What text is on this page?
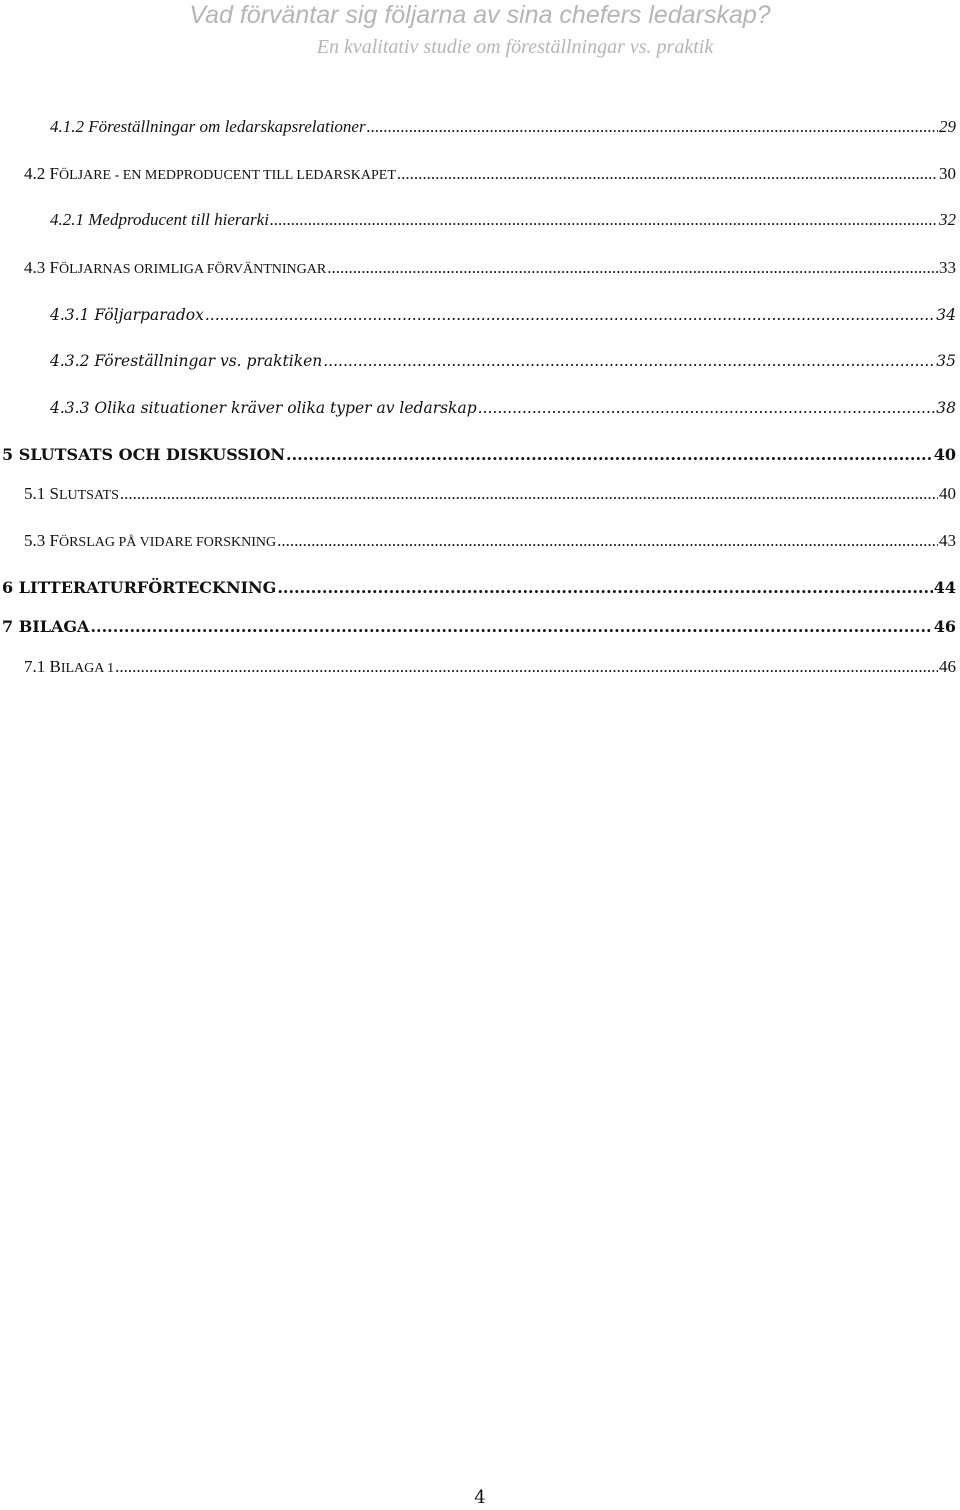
Vad förväntar sig följarna av sina chefers ledarskap?
En kvalitativ studie om föreställningar vs. praktik
4.1.2 Föreställningar om ledarskapsrelationer .....	29
4.2 FÖLJARE - EN MEDPRODUCENT TILL LEDARSKAPET .....	30
4.2.1 Medproducent till hierarki .....	32
4.3 FÖLJARNAS ORIMLIGA FÖRVÄNTNINGAR .....	33
4.3.1 Följarparadox .....	34
4.3.2 Föreställningar vs. praktiken .....	35
4.3.3 Olika situationer kräver olika typer av ledarskap .....	38
5 SLUTSATS OCH DISKUSSION .....	40
5.1 SLUTSATS .....	40
5.3 FÖRSLAG PÅ VIDARE FORSKNING .....	43
6 LITTERATURFÖRTECKNING .....	44
7 BILAGA .....	46
7.1 BILAGA 1 .....	46
4
